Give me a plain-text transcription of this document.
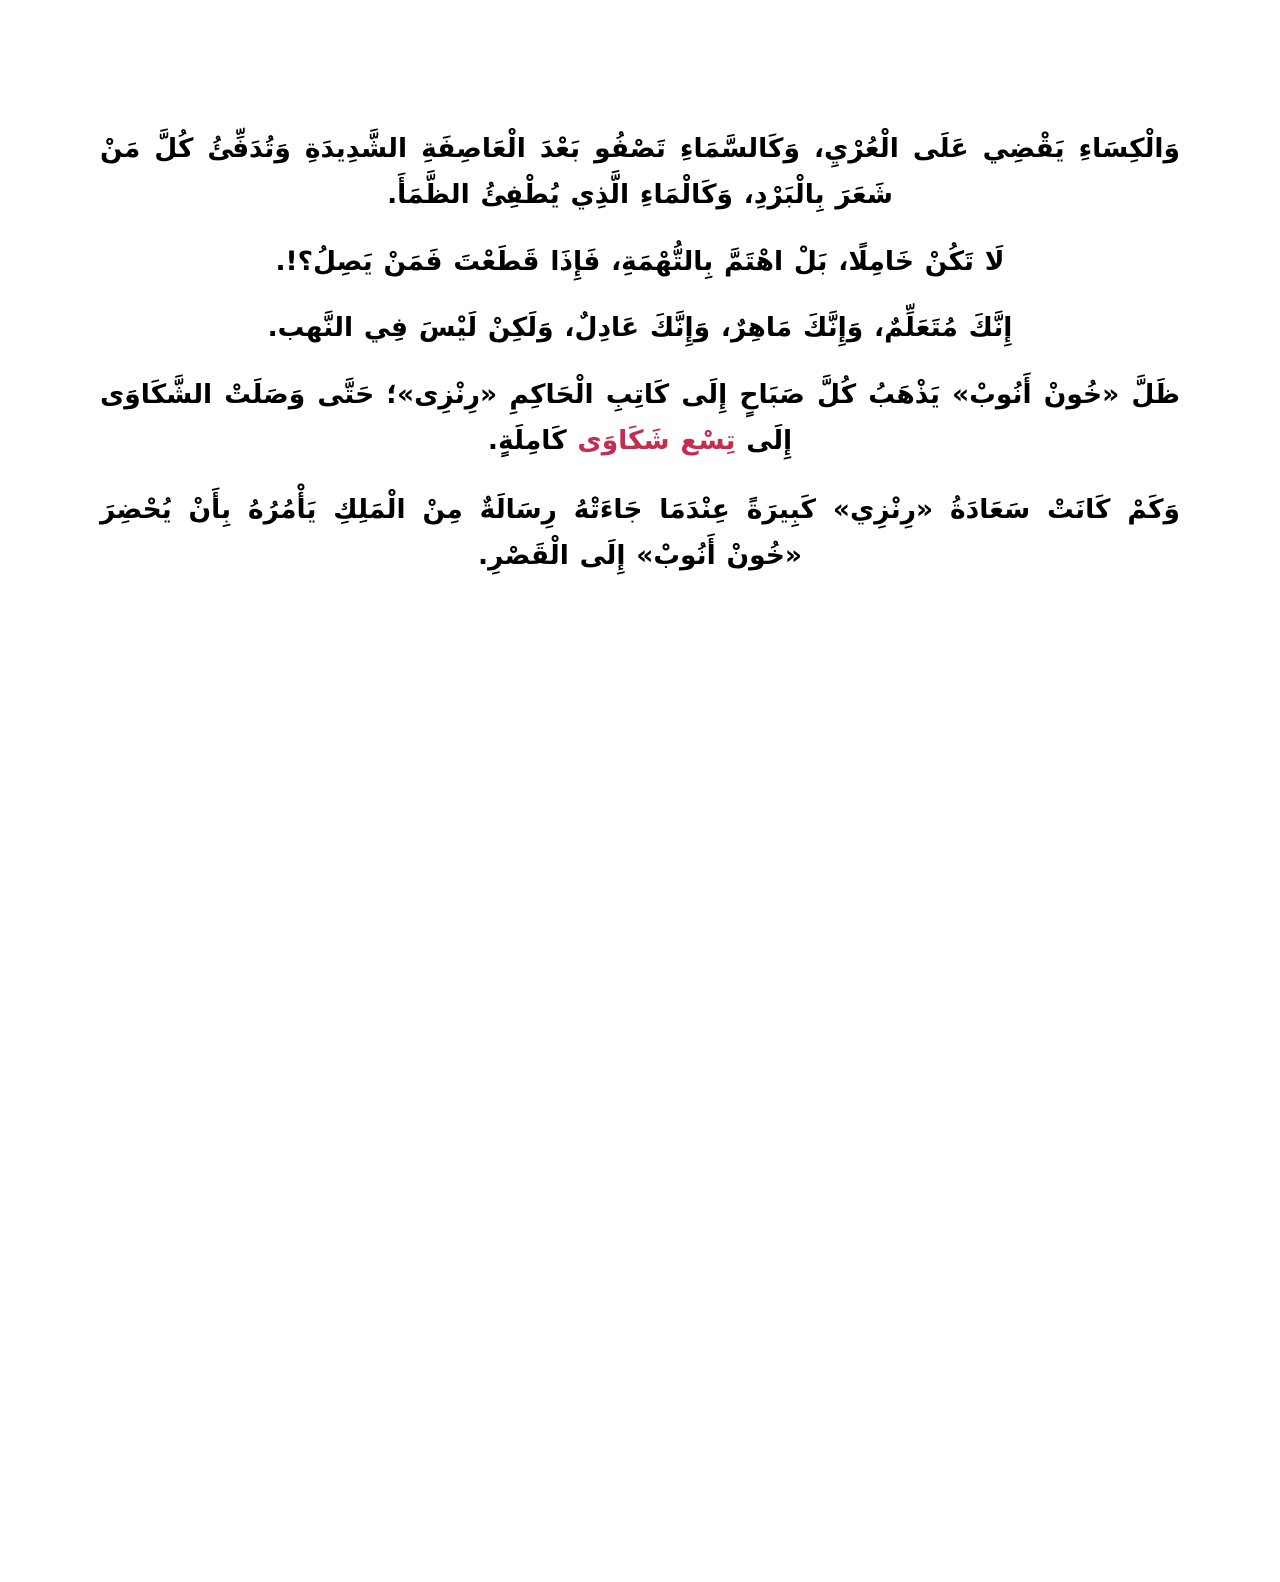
وَالْكِسَاءِ يَقْضِي عَلَى الْعُرْيِ، وَكَالسَّمَاءِ تَصْفُو بَعْدَ الْعَاصِفَةِ الشَّدِيدَةِ وَتُدَفِّئُ كُلَّ مَنْ شَعَرَ بِالْبَرْدِ، وَكَالْمَاءِ الَّذِي يُطْفِئُ الظَّمَأَ.

لَا تَكُنْ خَامِلًا، بَلْ اهْتَمَّ بِالتُّهْمَةِ، فَإِذَا قَطَعْتَ فَمَنْ يَصِلُ؟!.

إِنَّكَ مُتَعَلِّمٌ، وَإِنَّكَ مَاهِرٌ، وَإِنَّكَ عَادِلٌ، وَلَكِنْ لَيْسَ فِي النَّهب.

ظَلَّ «خُونْ أَنُوبْ» يَذْهَبُ كُلَّ صَبَاحٍ إِلَى كَاتِبِ الْحَاكِمِ «رِنْزِى»؛ حَتَّى وَصَلَتْ الشَّكَاوَى إِلَى تِسْع شَكَاوَى كَامِلَةٍ.

وَكَمْ كَانَتْ سَعَادَةُ «رِنْزِي» كَبِيرَةً عِنْدَمَا جَاءَتْهُ رِسَالَةٌ مِنْ الْمَلِكِ يَأْمُرُهُ بِأَنْ يُحْضِرَ «خُونْ أَنُوبْ» إِلَى الْقَصْرِ.
